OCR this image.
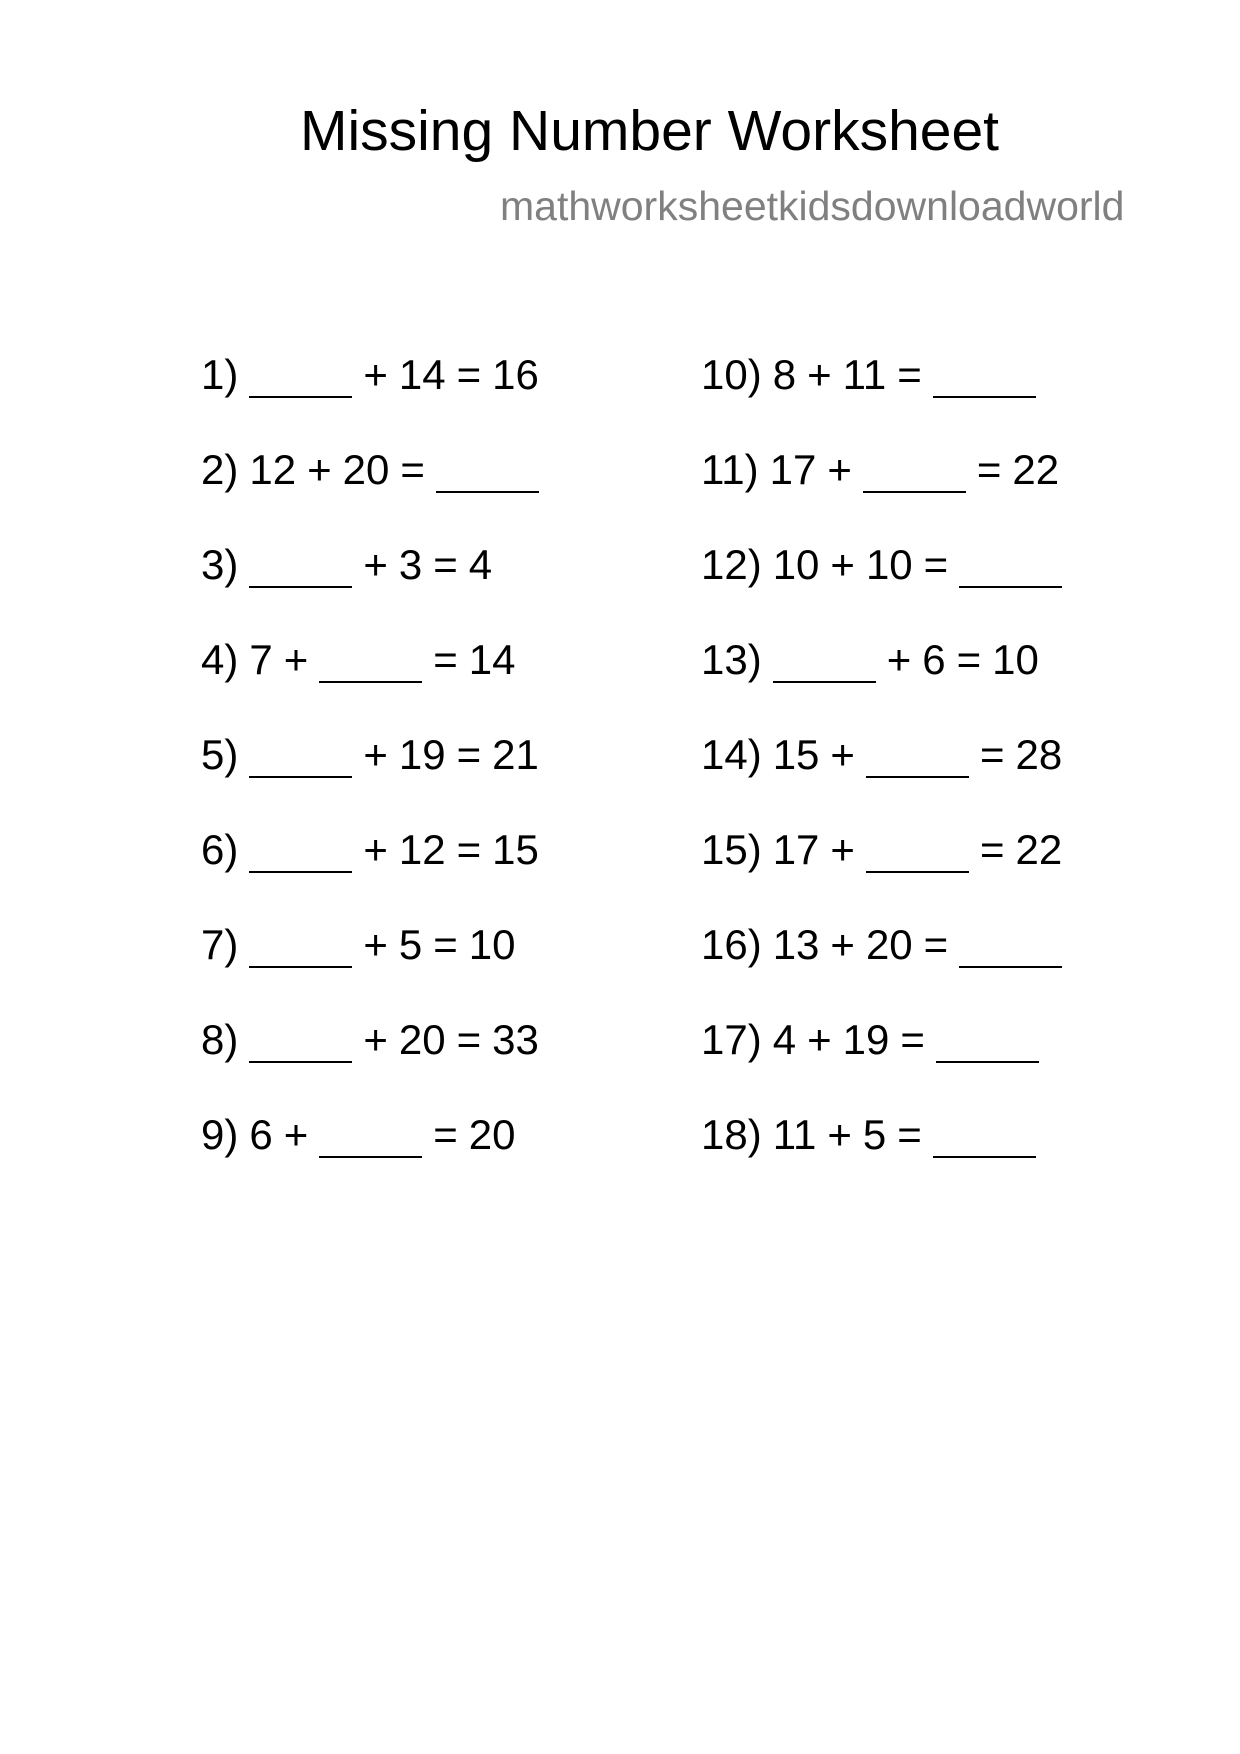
Missing Number Worksheet
mathworksheetkidsdownloadworld
1)	+ 14 = 16
2) 12 + 20 =
3)	+ 3 = 4
4) 7 +	= 14
5)	+ 19 = 21
6)	+ 12 = 15
7)	+ 5 = 10
8)	+ 20 = 33
9) 6 +	= 20
10) 8 + 11 =
11) 17 +	= 22
12) 10 + 10 =
13)	+ 6 = 10
14) 15 +	= 28
15) 17 +	= 22
16) 13 + 20 =
17) 4 + 19 =
18) 11 + 5 =
